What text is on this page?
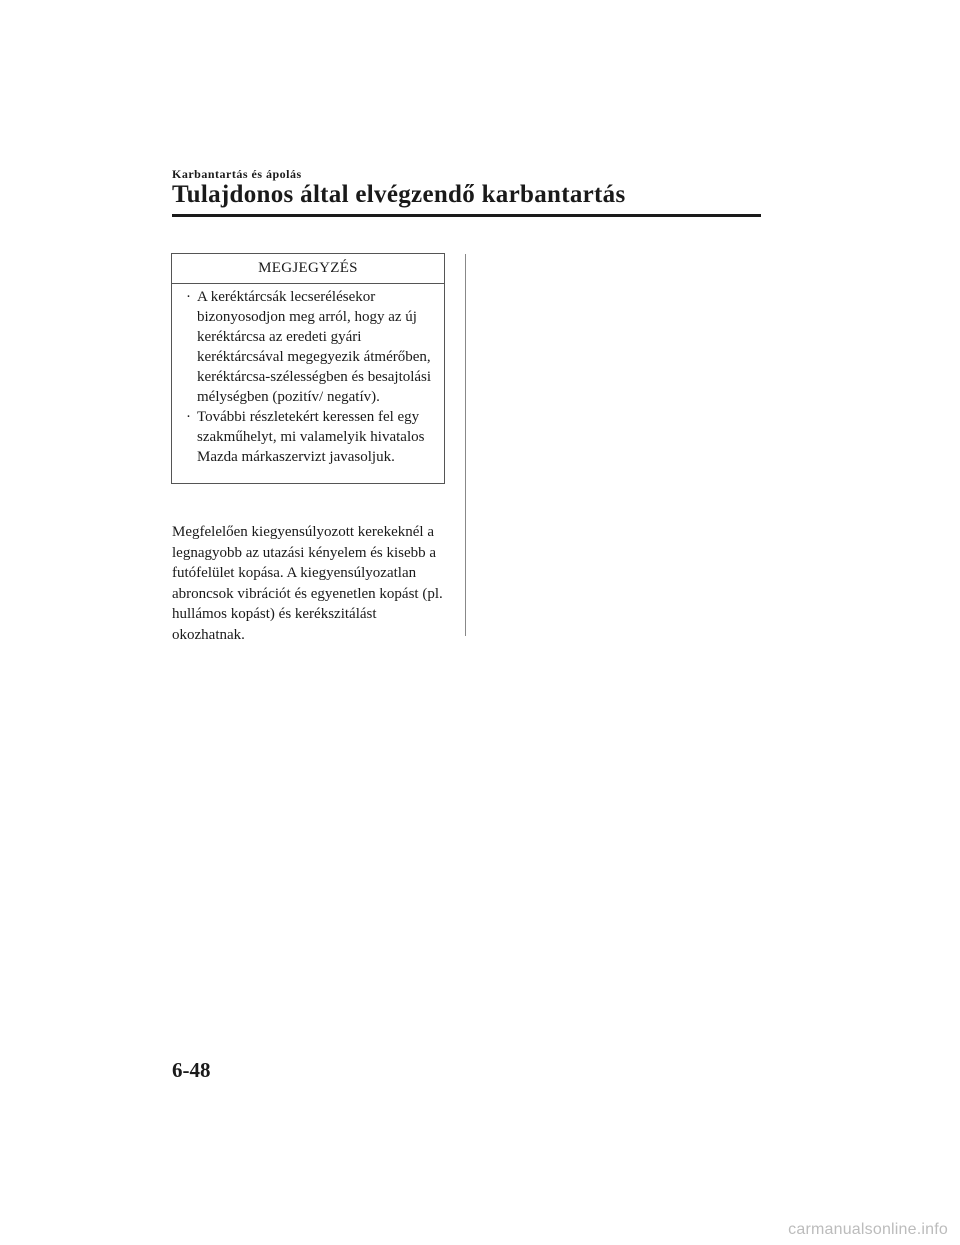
Karbantartás és ápolás
Tulajdonos által elvégzendő karbantartás
MEGJEGYZÉS
· A keréktárcsák lecserélésekor bizonyosodjon meg arról, hogy az új keréktárcsa az eredeti gyári keréktárcsával megegyezik átmérőben, keréktárcsa-szélességben és besajtolási mélységben (pozitív/ negatív).
· További részletekért keressen fel egy szakműhelyt, mi valamelyik hivatalos Mazda márkaszervizt javasoljuk.

Megfelelően kiegyensúlyozott kerekeknél a legnagyobb az utazási kényelem és kisebb a futófelület kopása. A kiegyensúlyozatlan abroncsok vibrációt és egyenetlen kopást (pl. hullámos kopást) és kerékszitálást okozhatnak.

6-48
carmanualsonline.info
